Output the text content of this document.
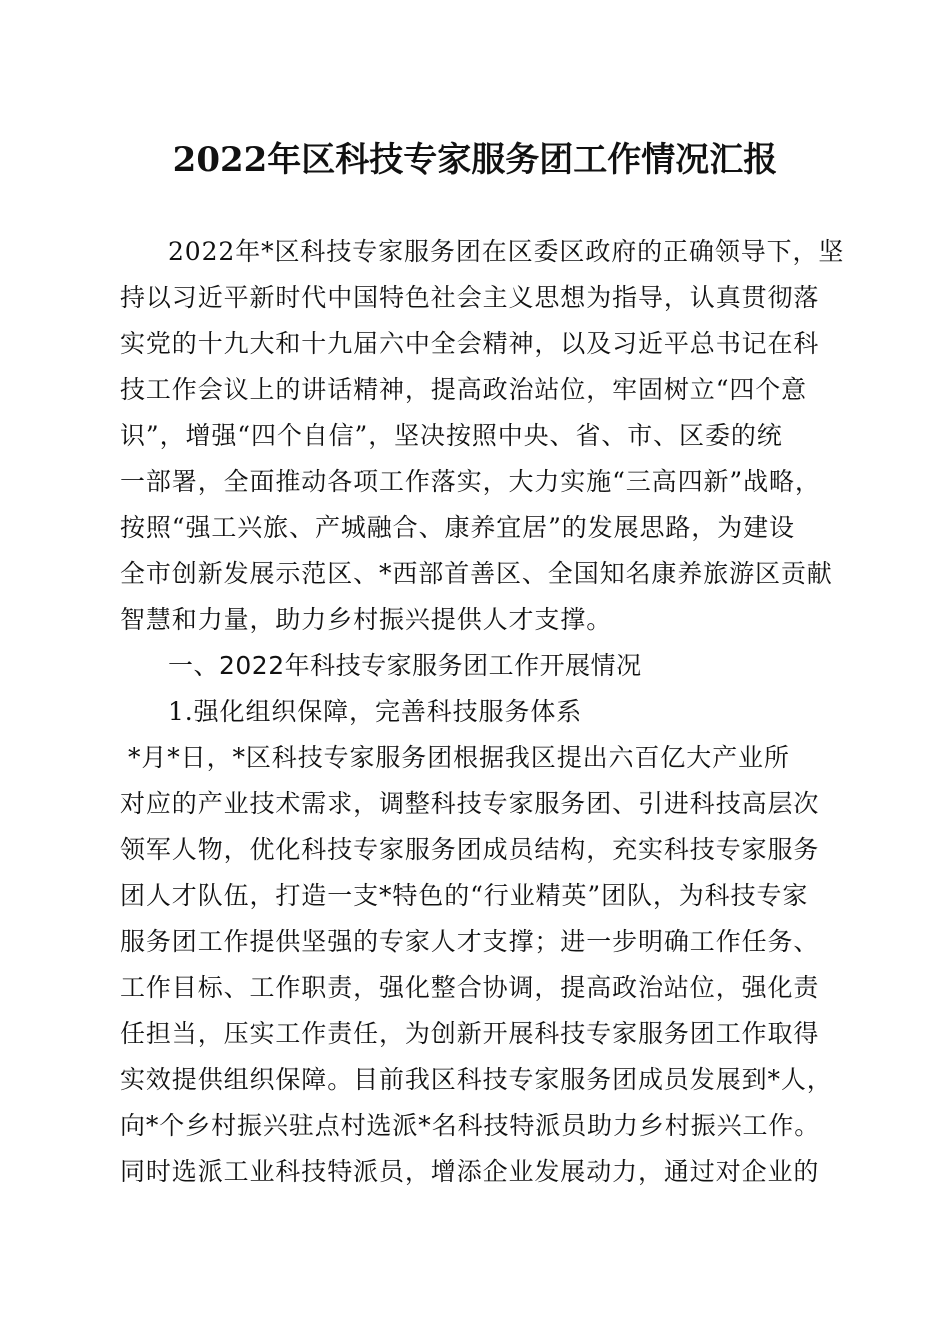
2022年区科技专家服务团工作情况汇报

2022年*区科技专家服务团在区委区政府的正确领导下，坚

持以习近平新时代中国特色社会主义思想为指导，认真贯彻落

实党的十九大和十九届六中全会精神，以及习近平总书记在科

技工作会议上的讲话精神，提高政治站位，牢固树立“四个意

识”，增强“四个自信”，坚决按照中央、省、市、区委的统

一部署，全面推动各项工作落实，大力实施“三高四新”战略，

按照“强工兴旅、产城融合、康养宜居”的发展思路，为建设

全市创新发展示范区、*西部首善区、全国知名康养旅游区贡献

智慧和力量，助力乡村振兴提供人才支撑。

一、2022年科技专家服务团工作开展情况

1.强化组织保障，完善科技服务体系

*月*日，*区科技专家服务团根据我区提出六百亿大产业所

对应的产业技术需求，调整科技专家服务团、引进科技高层次

领军人物，优化科技专家服务团成员结构，充实科技专家服务

团人才队伍，打造一支*特色的“行业精英”团队，为科技专家

服务团工作提供坚强的专家人才支撑；进一步明确工作任务、

工作目标、工作职责，强化整合协调，提高政治站位，强化责

任担当，压实工作责任，为创新开展科技专家服务团工作取得

实效提供组织保障。目前我区科技专家服务团成员发展到*人，

向*个乡村振兴驻点村选派*名科技特派员助力乡村振兴工作。

同时选派工业科技特派员，增添企业发展动力，通过对企业的
